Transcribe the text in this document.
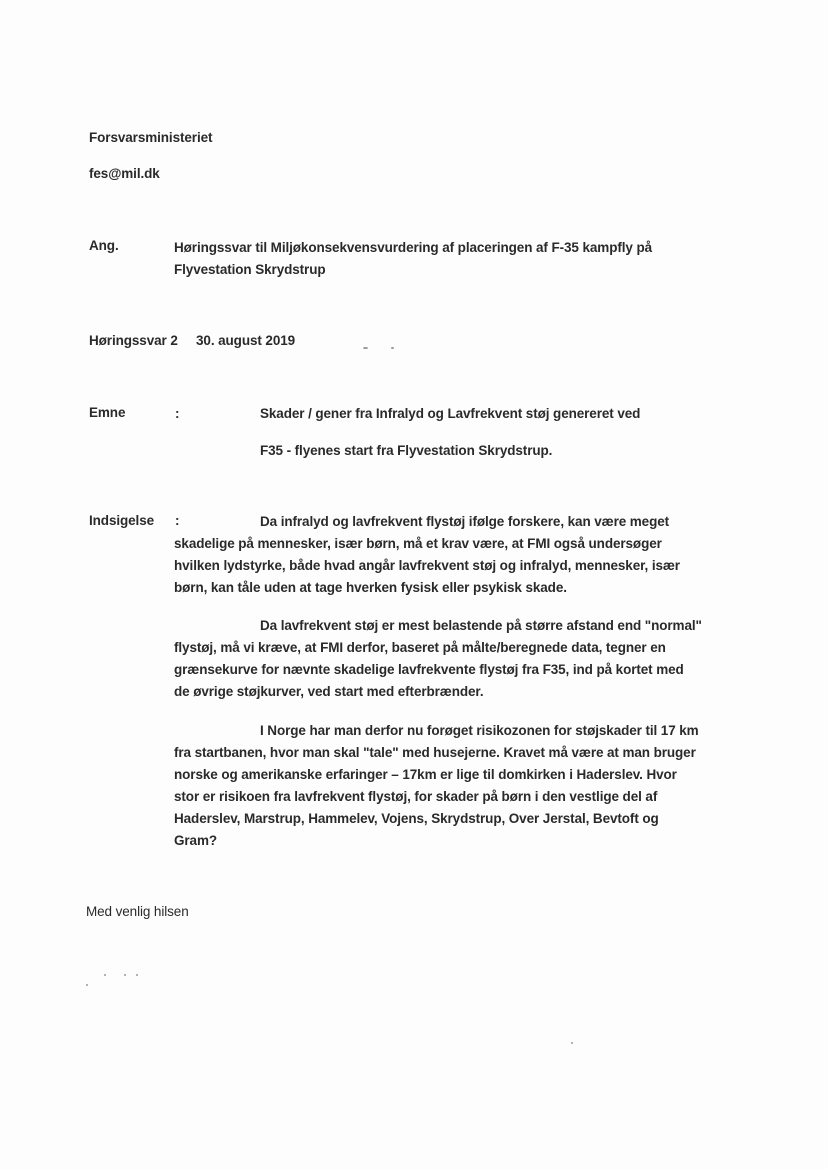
Forsvarsministeriet
fes@mil.dk
Ang.	Høringssvar til Miljøkonsekvensvurdering af placeringen af F-35 kampfly på
Flyvestation Skrydstrup
Høringssvar 2 30. august 2019
Emne	:	Skader / gener fra Infralyd og Lavfrekvent støj genereret ved
F35 - flyenes start fra Flyvestation Skrydstrup.
Indsigelse :	Da infralyd og lavfrekvent flystøj ifølge forskere, kan være meget
skadelige på mennesker, især børn, må et krav være, at FMI også undersøger
hvilken lydstyrke, både hvad angår lavfrekvent støj og infralyd, mennesker, især
børn, kan tåle uden at tage hverken fysisk eller psykisk skade.
Da lavfrekvent støj er mest belastende på større afstand end "normal"
flystøj, må vi kræve, at FMI derfor, baseret på målte/beregnede data, tegner en
grænsekurve for nævnte skadelige lavfrekvente flystøj fra F35, ind på kortet med
de øvrige støjkurver, ved start med efterbrænder.
I Norge har man derfor nu forøget risikozonen for støjskader til 17 km
fra startbanen, hvor man skal "tale" med husejerne. Kravet må være at man bruger
norske og amerikanske erfaringer – 17km er lige til domkirken i Haderslev. Hvor
stor er risikoen fra lavfrekvent flystøj, for skader på børn i den vestlige del af
Haderslev, Marstrup, Hammelev, Vojens, Skrydstrup, Over Jerstal, Bevtoft og
Gram?
Med venlig hilsen
